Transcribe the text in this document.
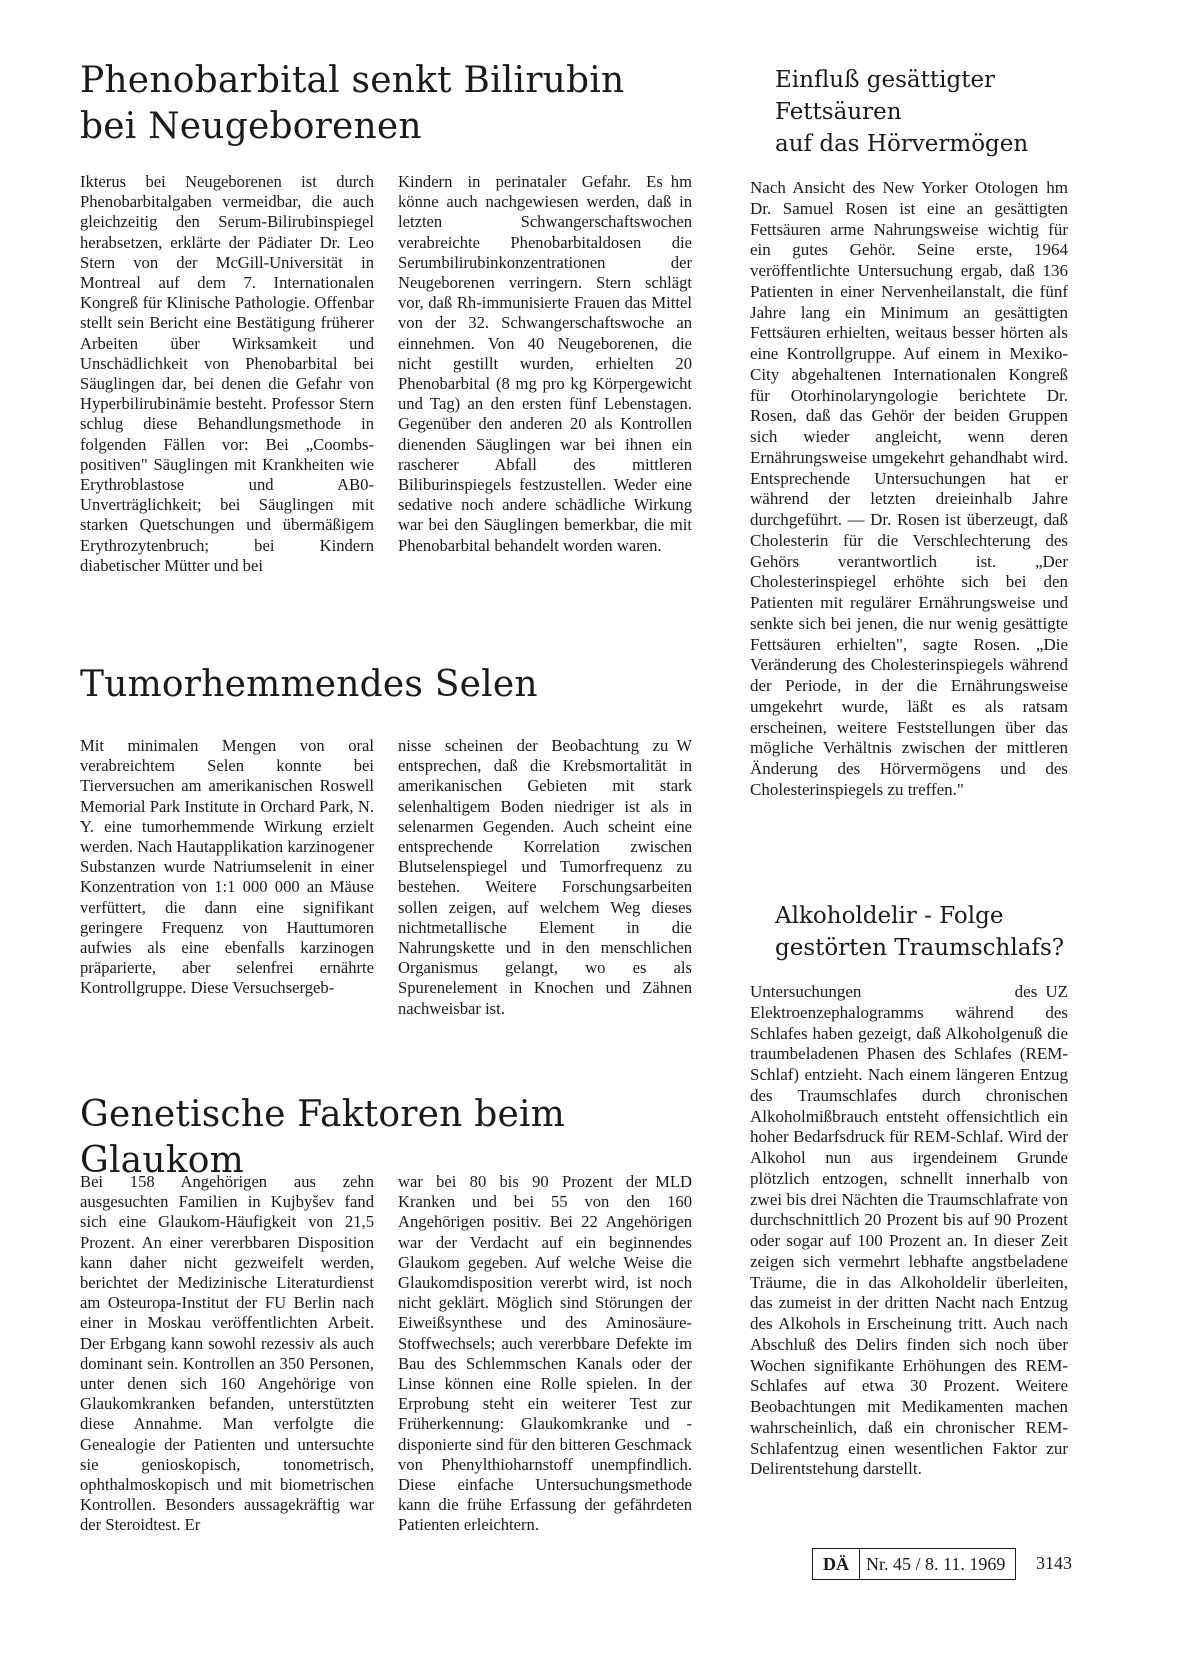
Phenobarbital senkt Bilirubin
bei Neugeborenen

Ikterus bei Neugeborenen ist durch Phenobarbitalgaben vermeidbar, die auch gleichzeitig den Serum-Bilirubinspiegel herabsetzen, erklärte der Pädiater Dr. Leo Stern von der McGill-Universität in Montreal auf dem 7. Internationalen Kongreß für Klinische Pathologie. Offenbar stellt sein Bericht eine Bestätigung früherer Arbeiten über Wirksamkeit und Unschädlichkeit von Phenobarbital bei Säuglingen dar, bei denen die Gefahr von Hyperbilirubinämie besteht. Professor Stern schlug diese Behandlungsmethode in folgenden Fällen vor: Bei „Coombs-positiven" Säuglingen mit Krankheiten wie Erythroblastose und AB0-Unverträglichkeit; bei Säuglingen mit starken Quetschungen und übermäßigem Erythrozytenbruch; bei Kindern diabetischer Mütter und bei

hm
Kindern in perinataler Gefahr. Es könne auch nachgewiesen werden, daß in letzten Schwangerschaftswochen verabreichte Phenobarbitaldosen die Serumbilirubinkonzentrationen der Neugeborenen verringern. Stern schlägt vor, daß Rh-immunisierte Frauen das Mittel von der 32. Schwangerschaftswoche an einnehmen. Von 40 Neugeborenen, die nicht gestillt wurden, erhielten 20 Phenobarbital (8 mg pro kg Körpergewicht und Tag) an den ersten fünf Lebenstagen. Gegenüber den anderen 20 als Kontrollen dienenden Säuglingen war bei ihnen ein rascherer Abfall des mittleren Biliburinspiegels festzustellen. Weder eine sedative noch andere schädliche Wirkung war bei den Säuglingen bemerkbar, die mit Phenobarbital behandelt worden waren.

Tumorhemmendes Selen

Mit minimalen Mengen von oral verabreichtem Selen konnte bei Tierversuchen am amerikanischen Roswell Memorial Park Institute in Orchard Park, N. Y. eine tumorhemmende Wirkung erzielt werden. Nach Hautapplikation karzinogener Substanzen wurde Natriumselenit in einer Konzentration von 1:1 000 000 an Mäuse verfüttert, die dann eine signifikant geringere Frequenz von Hauttumoren aufwies als eine ebenfalls karzinogen präparierte, aber selenfrei ernährte Kontrollgruppe. Diese Versuchsergeb-

W
nisse scheinen der Beobachtung zu entsprechen, daß die Krebsmortalität in amerikanischen Gebieten mit stark selenhaltigem Boden niedriger ist als in selenarmen Gegenden. Auch scheint eine entsprechende Korrelation zwischen Blutselenspiegel und Tumorfrequenz zu bestehen. Weitere Forschungsarbeiten sollen zeigen, auf welchem Weg dieses nichtmetallische Element in die Nahrungskette und in den menschlichen Organismus gelangt, wo es als Spurenelement in Knochen und Zähnen nachweisbar ist.

Genetische Faktoren beim Glaukom

Bei 158 Angehörigen aus zehn ausgesuchten Familien in Kujbyšev fand sich eine Glaukom-Häufigkeit von 21,5 Prozent. An einer vererbbaren Disposition kann daher nicht gezweifelt werden, berichtet der Medizinische Literaturdienst am Osteuropa-Institut der FU Berlin nach einer in Moskau veröffentlichten Arbeit. Der Erbgang kann sowohl rezessiv als auch dominant sein. Kontrollen an 350 Personen, unter denen sich 160 Angehörige von Glaukomkranken befanden, unterstützten diese Annahme. Man verfolgte die Genealogie der Patienten und untersuchte sie genioskopisch, tonometrisch, ophthalmoskopisch und mit biometrischen Kontrollen. Besonders aussagekräftig war der Steroidtest. Er

MLD
war bei 80 bis 90 Prozent der Kranken und bei 55 von den 160 Angehörigen positiv. Bei 22 Angehörigen war der Verdacht auf ein beginnendes Glaukom gegeben. Auf welche Weise die Glaukomdisposition vererbt wird, ist noch nicht geklärt. Möglich sind Störungen der Eiweißsynthese und des Aminosäure-Stoffwechsels; auch vererbbare Defekte im Bau des Schlemmschen Kanals oder der Linse können eine Rolle spielen. In der Erprobung steht ein weiterer Test zur Früherkennung: Glaukomkranke und -disponierte sind für den bitteren Geschmack von Phenylthioharnstoff unempfindlich. Diese einfache Untersuchungsmethode kann die frühe Erfassung der gefährdeten Patienten erleichtern.

Einfluß gesättigter
Fettsäuren
auf das Hörvermögen

hm
Nach Ansicht des New Yorker Otologen Dr. Samuel Rosen ist eine an gesättigten Fettsäuren arme Nahrungsweise wichtig für ein gutes Gehör. Seine erste, 1964 veröffentlichte Untersuchung ergab, daß 136 Patienten in einer Nervenheilanstalt, die fünf Jahre lang ein Minimum an gesättigten Fettsäuren erhielten, weitaus besser hörten als eine Kontrollgruppe. Auf einem in Mexiko-City abgehaltenen Internationalen Kongreß für Otorhinolaryngologie berichtete Dr. Rosen, daß das Gehör der beiden Gruppen sich wieder angleicht, wenn deren Ernährungsweise umgekehrt gehandhabt wird. Entsprechende Untersuchungen hat er während der letzten dreieinhalb Jahre durchgeführt. — Dr. Rosen ist überzeugt, daß Cholesterin für die Verschlechterung des Gehörs verantwortlich ist. „Der Cholesterinspiegel erhöhte sich bei den Patienten mit regulärer Ernährungsweise und senkte sich bei jenen, die nur wenig gesättigte Fettsäuren erhielten", sagte Rosen. „Die Veränderung des Cholesterinspiegels während der Periode, in der die Ernährungsweise umgekehrt wurde, läßt es als ratsam erscheinen, weitere Feststellungen über das mögliche Verhältnis zwischen der mittleren Änderung des Hörvermögens und des Cholesterinspiegels zu treffen."

Alkoholdelir - Folge
gestörten Traumschlafs?

UZ
Untersuchungen des Elektroenzephalogramms während des Schlafes haben gezeigt, daß Alkoholgenuß die traumbeladenen Phasen des Schlafes (REM-Schlaf) entzieht. Nach einem längeren Entzug des Traumschlafes durch chronischen Alkoholmißbrauch entsteht offensichtlich ein hoher Bedarfsdruck für REM-Schlaf. Wird der Alkohol nun aus irgendeinem Grunde plötzlich entzogen, schnellt innerhalb von zwei bis drei Nächten die Traumschlafrate von durchschnittlich 20 Prozent bis auf 90 Prozent oder sogar auf 100 Prozent an. In dieser Zeit zeigen sich vermehrt lebhafte angstbeladene Träume, die in das Alkoholdelir überleiten, das zumeist in der dritten Nacht nach Entzug des Alkohols in Erscheinung tritt. Auch nach Abschluß des Delirs finden sich noch über Wochen signifikante Erhöhungen des REM-Schlafes auf etwa 30 Prozent. Weitere Beobachtungen mit Medikamenten machen wahrscheinlich, daß ein chronischer REM-Schlafentzug einen wesentlichen Faktor zur Delirentstehung darstellt.

DÄ Nr. 45 / 8. 11. 1969	3143
